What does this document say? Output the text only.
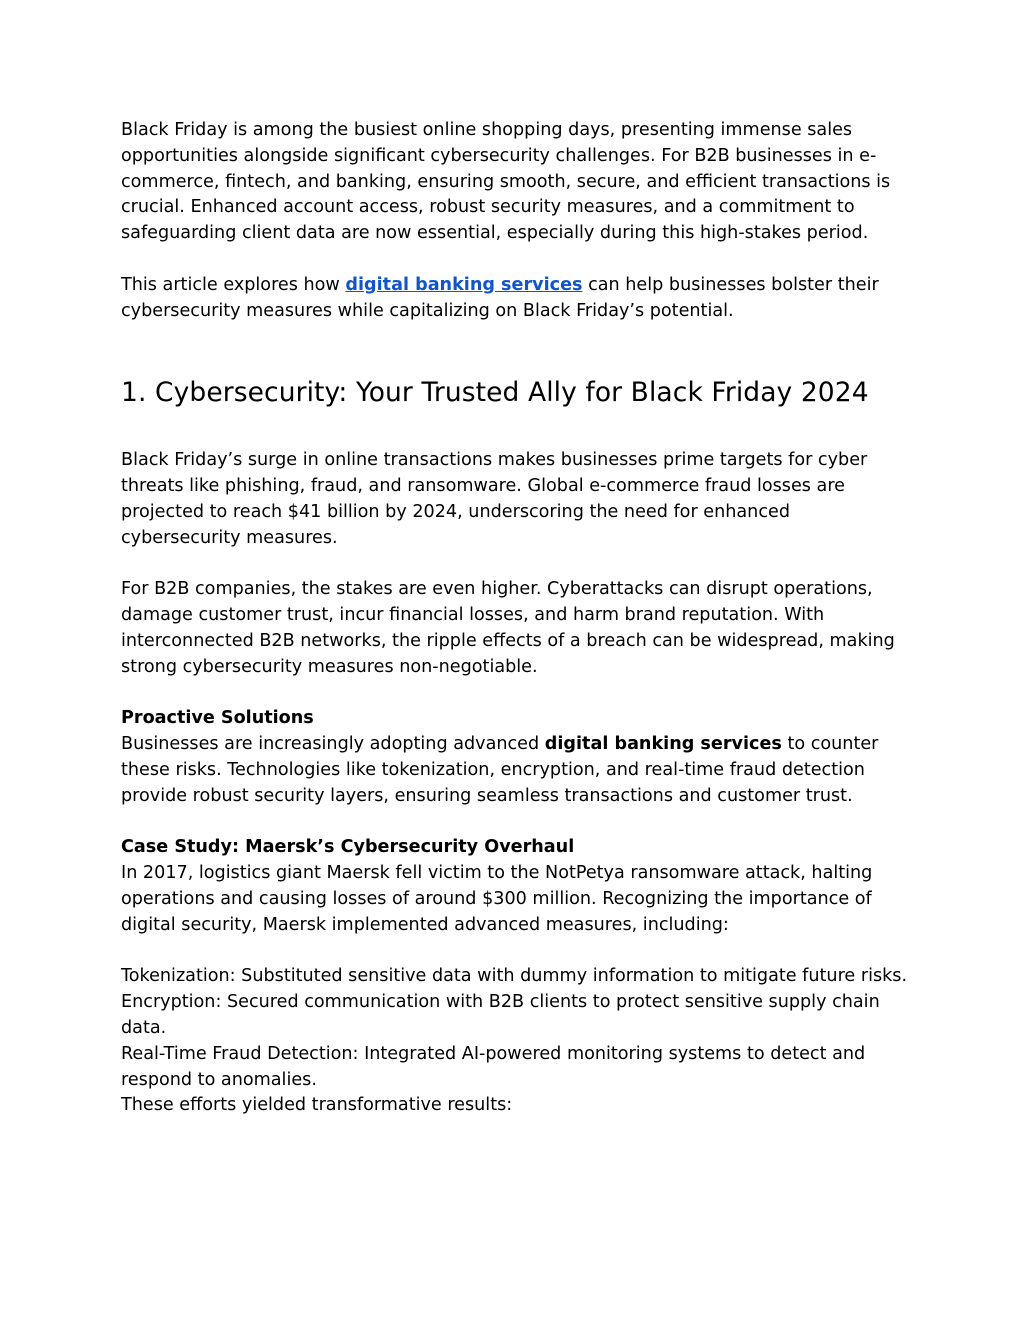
Black Friday is among the busiest online shopping days, presenting immense sales opportunities alongside significant cybersecurity challenges. For B2B businesses in e-commerce, fintech, and banking, ensuring smooth, secure, and efficient transactions is crucial. Enhanced account access, robust security measures, and a commitment to safeguarding client data are now essential, especially during this high-stakes period.

This article explores how digital banking services can help businesses bolster their cybersecurity measures while capitalizing on Black Friday’s potential.

1. Cybersecurity: Your Trusted Ally for Black Friday 2024

Black Friday’s surge in online transactions makes businesses prime targets for cyber threats like phishing, fraud, and ransomware. Global e-commerce fraud losses are projected to reach $41 billion by 2024, underscoring the need for enhanced cybersecurity measures.

For B2B companies, the stakes are even higher. Cyberattacks can disrupt operations, damage customer trust, incur financial losses, and harm brand reputation. With interconnected B2B networks, the ripple effects of a breach can be widespread, making strong cybersecurity measures non-negotiable.

Proactive Solutions

Businesses are increasingly adopting advanced digital banking services to counter these risks. Technologies like tokenization, encryption, and real-time fraud detection provide robust security layers, ensuring seamless transactions and customer trust.

Case Study: Maersk’s Cybersecurity Overhaul

In 2017, logistics giant Maersk fell victim to the NotPetya ransomware attack, halting operations and causing losses of around $300 million. Recognizing the importance of digital security, Maersk implemented advanced measures, including:

Tokenization: Substituted sensitive data with dummy information to mitigate future risks.

Encryption: Secured communication with B2B clients to protect sensitive supply chain data.

Real-Time Fraud Detection: Integrated AI-powered monitoring systems to detect and respond to anomalies.

These efforts yielded transformative results:
